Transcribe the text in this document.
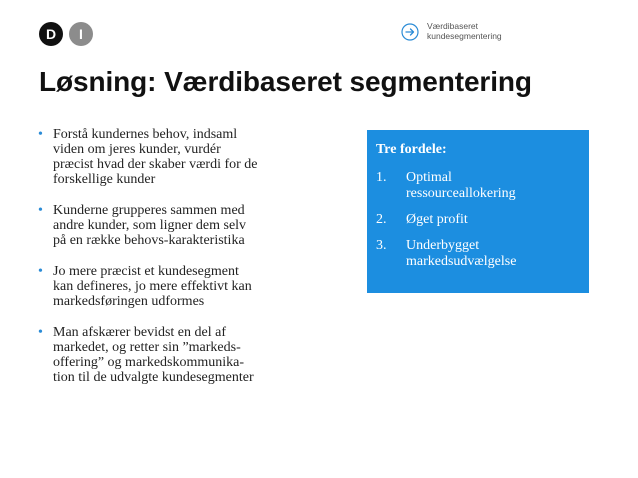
D	I	Værdibaseret
kundesegmentering
Løsning: Værdibaseret segmentering
• Forstå kundernes behov, indsaml
viden om jeres kunder, vurdér
præcist hvad der skaber værdi for de
forskellige kunder
• Kunderne grupperes sammen med
andre kunder, som ligner dem selv
på en række behovs-karakteristika
• Jo mere præcist et kundesegment
kan defineres, jo mere effektivt kan
markedsføringen udformes
• Man afskærer bevidst en del af
markedet, og retter sin ”markeds-
offering” og markedskommunika-
tion til de udvalgte kundesegmenter
Tre fordele:
1.	Optimal
ressourceallokering
2.	Øget profit
3.	Underbygget
markedsudvælgelse
